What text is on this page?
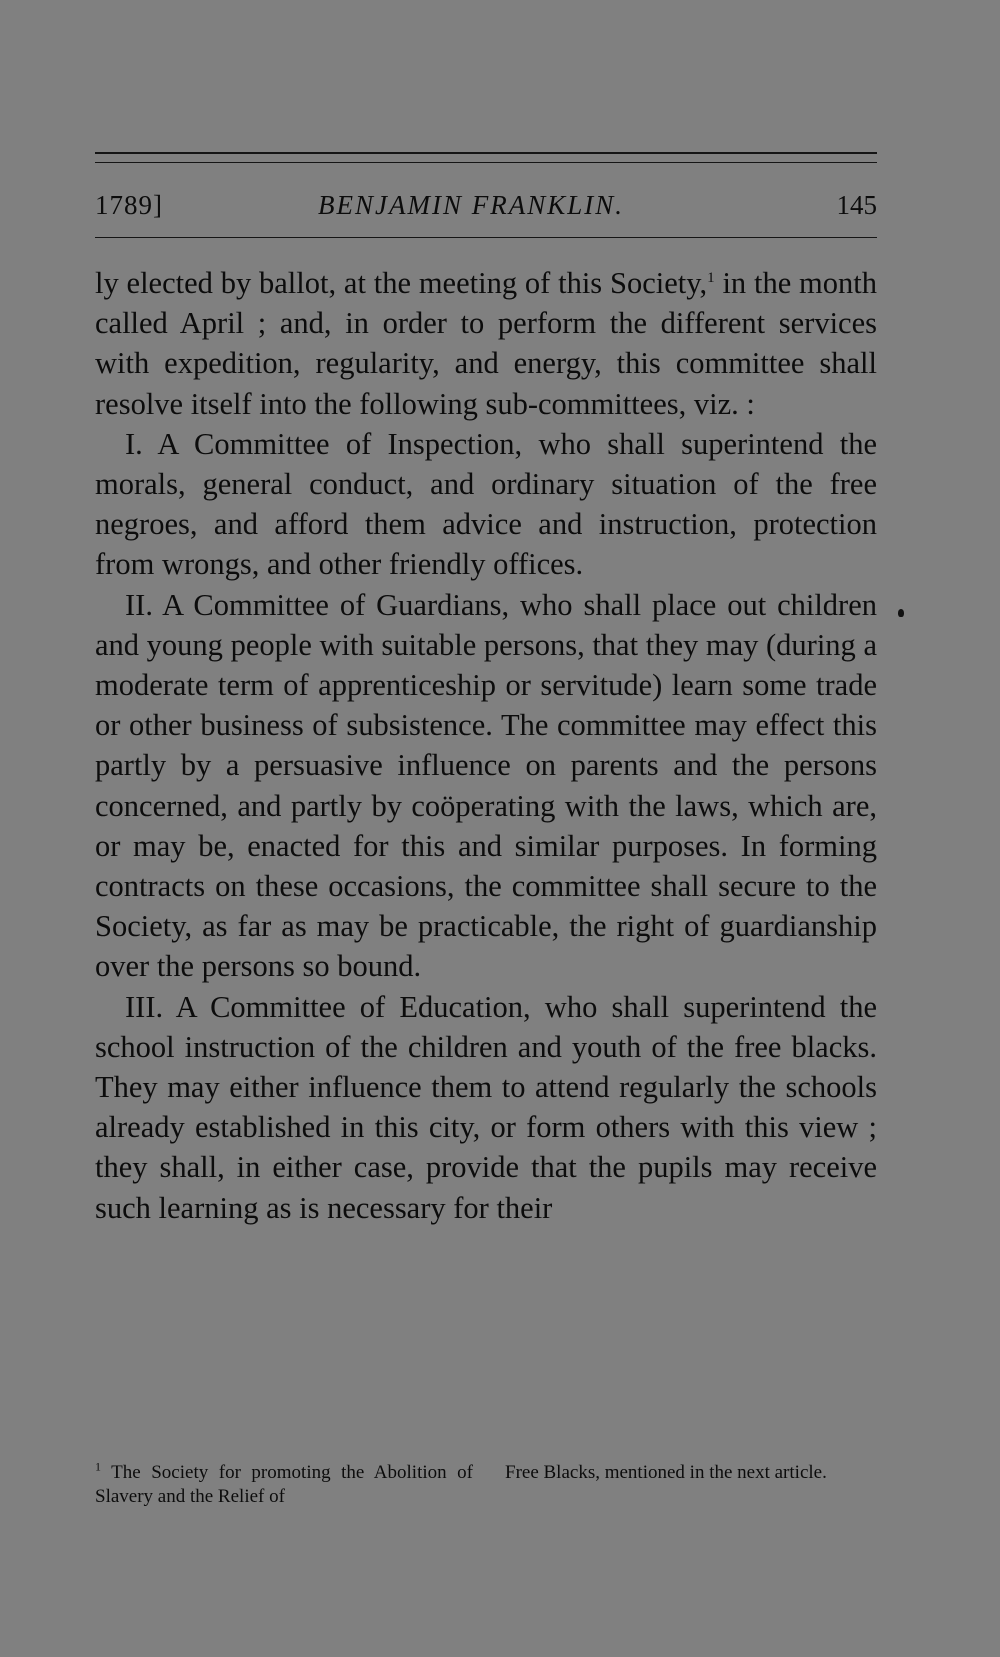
1789]	BENJAMIN FRANKLIN.	145

ly elected by ballot, at the meeting of this Society,$^1$ in the month called April ; and, in order to perform the different services with expedition, regularity, and energy, this committee shall resolve itself into the following sub-committees, viz. :

I. A Committee of Inspection, who shall superintend the morals, general conduct, and ordinary situation of the free negroes, and afford them advice and instruction, protection from wrongs, and other friendly offices.

II. A Committee of Guardians, who shall place out children and young people with suitable persons, that they may (during a moderate term of apprenticeship or servitude) learn some trade or other business of subsistence. The committee may effect this partly by a persuasive influence on parents and the persons concerned, and partly by coöperating with the laws, which are, or may be, enacted for this and similar purposes. In forming contracts on these occasions, the committee shall secure to the Society, as far as may be practicable, the right of guardianship over the persons so bound.

III. A Committee of Education, who shall superintend the school instruction of the children and youth of the free blacks. They may either influence them to attend regularly the schools already established in this city, or form others with this view ; they shall, in either case, provide that the pupils may receive such learning as is necessary for their

$^1$ The Society for promoting the Abolition of Slavery and the Relief of
Free Blacks, mentioned in the next article.
